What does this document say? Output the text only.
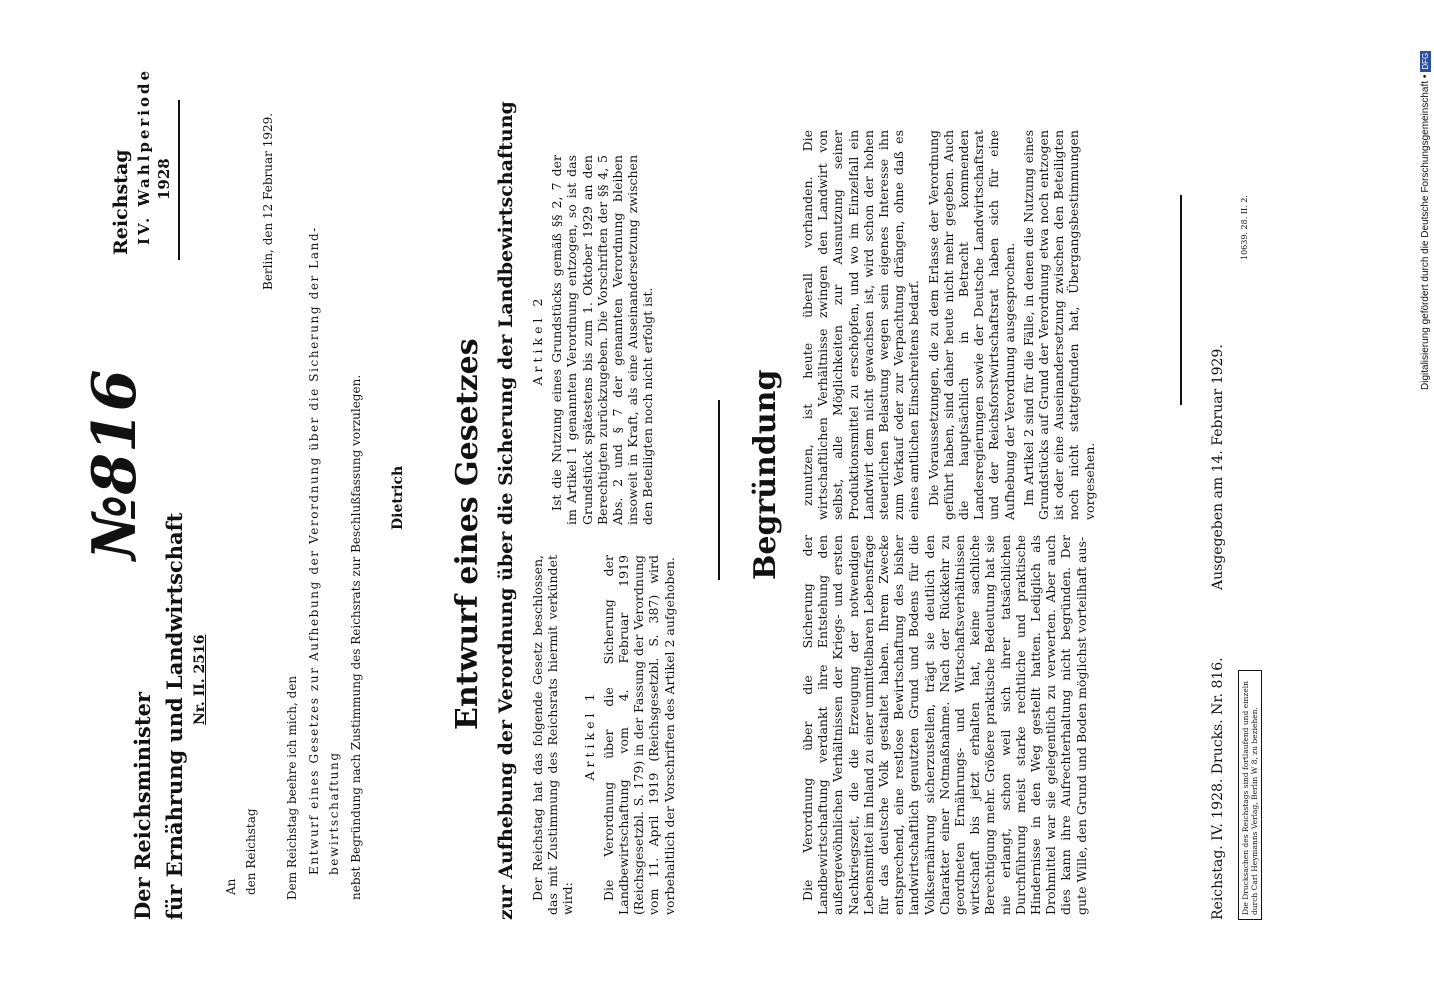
Der Reichsminister für Ernährung und Landwirtschaft Nr. II. 2516
№816
Reichstag IV. Wahlperiode 1928
An den Reichstag
Berlin, den 12 Februar 1929.
Dem Reichstag beehre ich mich, den Entwurf eines Gesetzes zur Aufhebung der Verordnung über die Sicherung der Land- bewirtschaftung nebst Begründung nach Zustimmung des Reichsrats zur Beschlußfassung vorzulegen. Dietrich Entwurf eines Gesetzes zur Aufhebung der Verordnung über die Sicherung der Landbewirtschaftung Der Reichstag hat das folgende Gesetz beschlossen, das mit Zustimmung des Reichsrats hiermit verkündet wird:

Artikel 1 Die Verordnung über die Sicherung der Landbewirtschaftung vom 4. Februar 1919 (Reichsgesetzbl. S. 179) in der Fassung der Verordnung vom 11. April 1919 (Reichsgesetzbl. S. 387) wird vorbehaltlich der Vorschriften des Artikel 2 aufgehoben.

Artikel 2 Ist die Nutzung eines Grundstücks gemäß §§ 2, 7 der im Artikel 1 genannten Verordnung entzogen, so ist das Grundstück spätestens bis zum 1. Oktober 1929 an den Berechtigten zurückzugeben. Die Vorschriften der §§ 4, 5 Abs. 2 und § 7 der genannten Verordnung bleiben insoweit in Kraft, als eine Auseinandersetzung zwischen den Beteiligten noch nicht erfolgt ist.	Begründung

Die Verordnung über die Sicherung der Landbewirtschaftung verdankt ihre Entstehung den außergewöhnlichen Verhältnissen der Kriegs- und ersten Nachkriegszeit, die die Erzeugung der notwendigen Lebensmittel im Inland zu einer unmittelbaren Lebensfrage für das deutsche Volk gestaltet haben. Ihrem Zwecke entsprechend, eine restlose Bewirtschaftung des bisher landwirtschaftlich genutzten Grund und Bodens für die Volksernährung sicherzustellen, trägt sie deutlich den Charakter einer Notmaßnahme. Nach der Rückkehr zu geordneten Ernährungs- und Wirtschaftsverhältnissen wirtschaft bis jetzt erhalten hat, keine sachliche Berechtigung mehr. Größere praktische Bedeutung hat sie nie erlangt, schon weil sich ihrer tatsächlichen Durchführung meist starke rechtliche und praktische Hindernisse in den Weg gestellt hatten. Lediglich als Drohmittel war sie gelegentlich zu verwerten. Aber auch dies kann ihre Aufrechterhaltung nicht begründen. Der gute Wille, den Grund und Boden möglichst vorteilhaft aus-

zunutzen, ist heute überall vorhanden. Die wirtschaftlichen Verhältnisse zwingen den Landwirt von selbst, alle Möglichkeiten zur Ausnutzung seiner Produktionsmittel zu erschöpfen, und wo im Einzelfall ein Landwirt dem nicht gewachsen ist, wird schon der hohen steuerlichen Belastung wegen sein eigenes Interesse ihn zum Verkauf oder zur Verpachtung drängen, ohne daß es eines amtlichen Einschreitens bedarf. Die Voraussetzungen, die zu dem Erlasse der Verordnung geführt haben, sind daher heute nicht mehr gegeben. Auch die hauptsächlich in Betracht kommenden Landesregierungen sowie der Deutsche Landwirtschaftsrat und der Reichsforstwirtschaftsrat haben sich für eine Aufhebung der Verordnung ausgesprochen. Im Artikel 2 sind für die Fälle, in denen die Nutzung eines Grundstücks auf Grund der Verordnung etwa noch entzogen ist oder eine Auseinandersetzung zwischen den Beteiligten noch nicht stattgefunden hat, Übergangsbestimmungen vorgesehen.

Reichstag. IV. 1928. Drucks. Nr. 816.
Ausgegeben am 14. Februar 1929.
Die Drucksachen des Reichstags sind fortlaufend und einzeln durch Carl Heymanns Verlag, Berlin W 8, zu beziehen.
10639. 28. II. 2.	Digitalisierung gefördert durch die Deutsche Forschungsgemeinschaft •DFG
